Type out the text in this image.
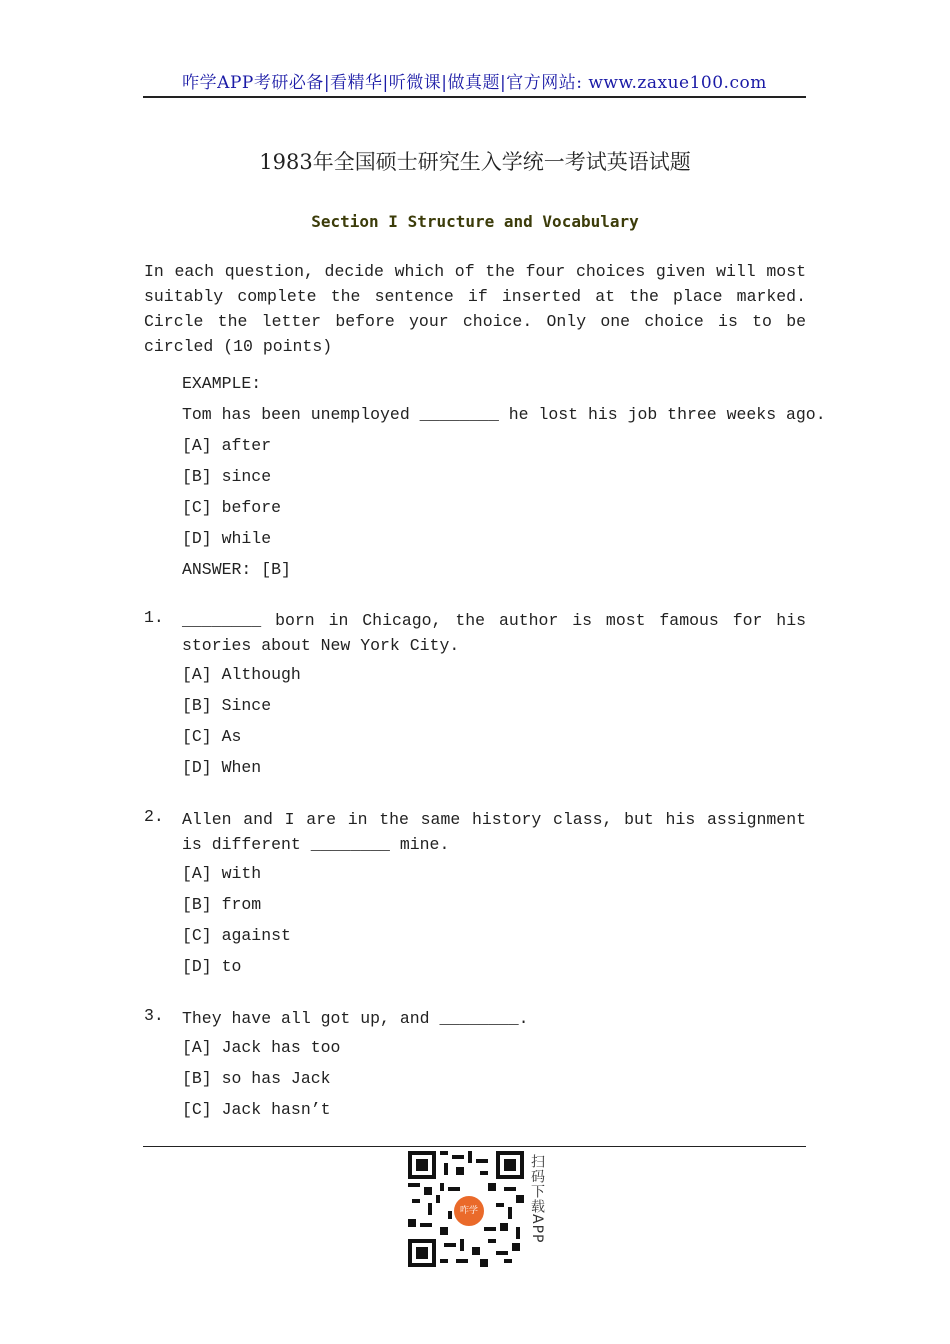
咋学APP考研必备|看精华|听微课|做真题|官方网站: www.zaxue100.com
1983年全国硕士研究生入学统一考试英语试题
Section I Structure and Vocabulary
In each question, decide which of the four choices given will most suitably complete the sentence if inserted at the place marked. Circle the letter before your choice. Only one choice is to be circled (10 points)
EXAMPLE:
Tom has been unemployed ________ he lost his job three weeks ago.
[A] after
[B] since
[C] before
[D] while
ANSWER: [B]
1. ________ born in Chicago, the author is most famous for his stories about New York City.
[A] Although
[B] Since
[C] As
[D] When
2. Allen and I are in the same history class, but his assignment is different ________ mine.
[A] with
[B] from
[C] against
[D] to
3. They have all got up, and ________.
[A] Jack has too
[B] so has Jack
[C] Jack hasn’t
咋学	扫码下载APP
